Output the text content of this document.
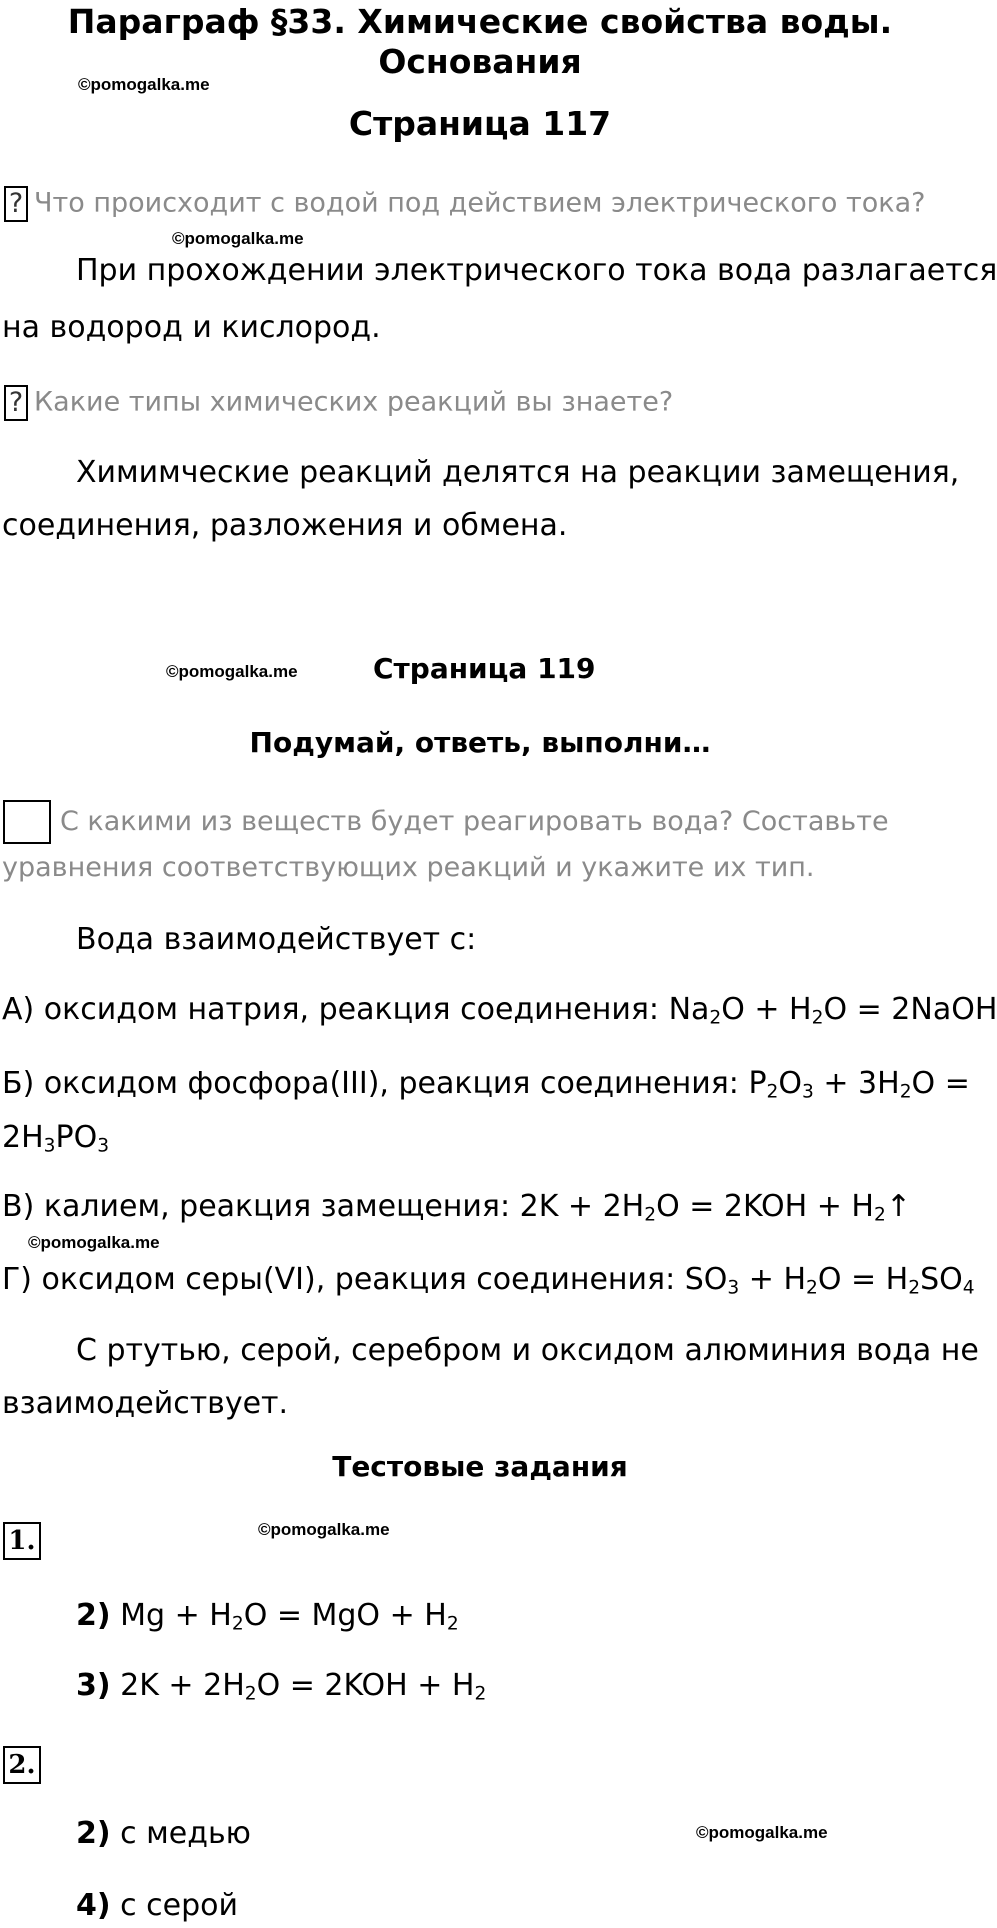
Параграф §33. Химические свойства воды.
Основания
©pomogalka.me
Страница 117
? Что происходит с водой под действием электрического тока?
©pomogalka.me
При прохождении электрического тока вода разлагается
на водород и кислород.
? Какие типы химических реакций вы знаете?
Химимческие реакций делятся на реакции замещения,
соединения, разложения и обмена.
©pomogalka.me	Страница 119
Подумай, ответь, выполни…
С какими из веществ будет реагировать вода? Составьте
уравнения соответствующих реакций и укажите их тип.
Вода взаимодействует с:
А) оксидом натрия, реакция соединения: $Na_2O + H_2O$ = 2NaOH
Б) оксидом фосфора(III), реакция соединения: $P_2O_3 + 3H_2O$ =
$2H_3PO_3$
В) калием, реакция замещения: $2K + 2H_2O = 2KOH$ + $H_2↑$
©pomogalka.me
Г) оксидом серы(VI), реакция соединения: $SO_3 + H_2O = H_2SO_4$
С ртутью, серой, серебром и оксидом алюминия вода не
взаимодействует.
Тестовые задания
1.	©pomogalka.me
2) $Mg + H_2O$ = MgO + $H_2$
3) $2K + 2H_2O = 2KOH + H_2$
2.
2) с медью	©pomogalka.me
4) с серой
